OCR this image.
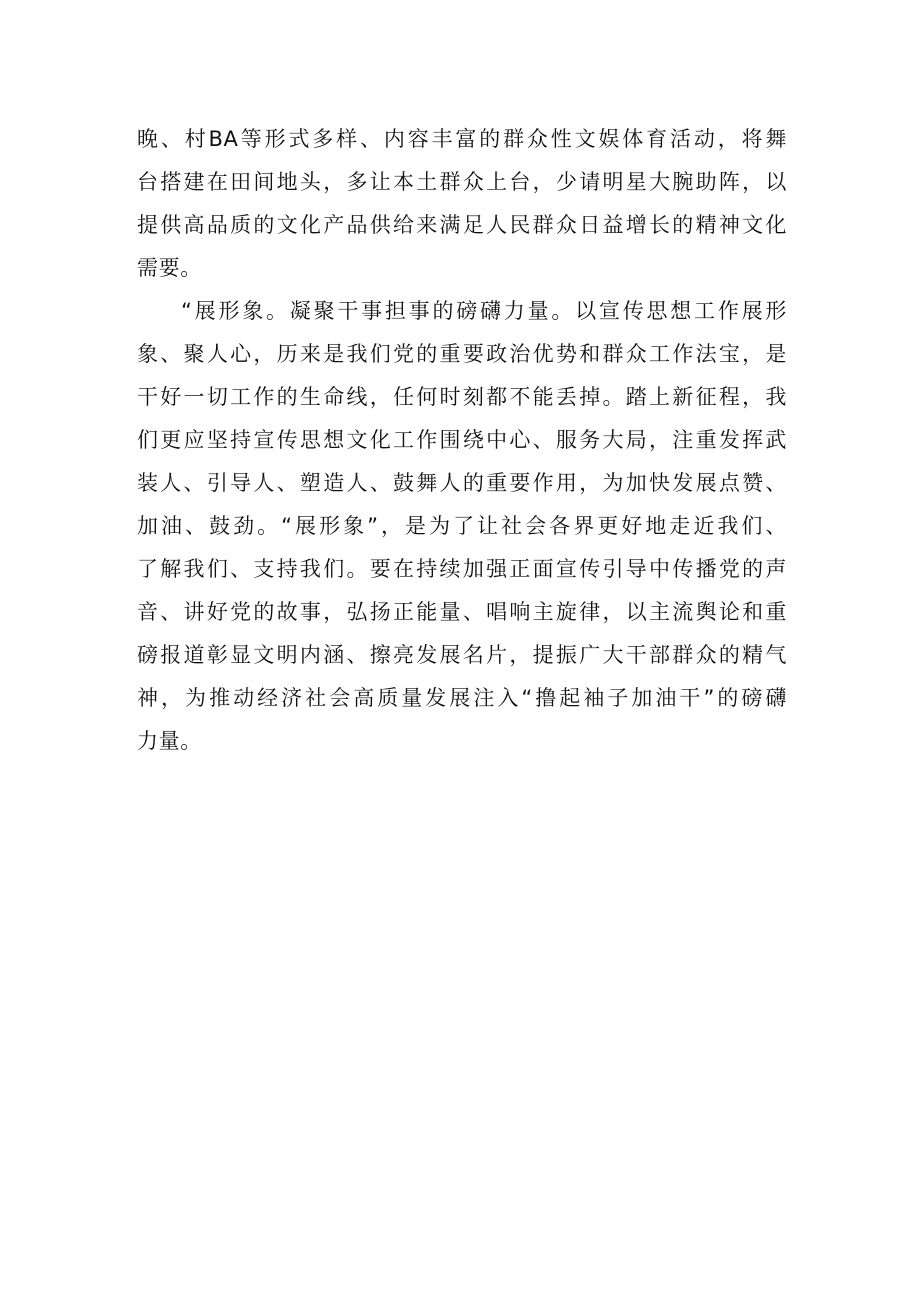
晚、村BA等形式多样、内容丰富的群众性文娱体育活动，将舞
台搭建在田间地头，多让本土群众上台，少请明星大腕助阵，以
提供高品质的文化产品供给来满足人民群众日益增长的精神文化
需要。
“展形象。凝聚干事担事的磅礴力量。以宣传思想工作展形
象、聚人心，历来是我们党的重要政治优势和群众工作法宝，是
干好一切工作的生命线，任何时刻都不能丢掉。踏上新征程，我
们更应坚持宣传思想文化工作围绕中心、服务大局，注重发挥武
装人、引导人、塑造人、鼓舞人的重要作用，为加快发展点赞、
加油、鼓劲。“展形象”，是为了让社会各界更好地走近我们、
了解我们、支持我们。要在持续加强正面宣传引导中传播党的声
音、讲好党的故事，弘扬正能量、唱响主旋律，以主流舆论和重
磅报道彰显文明内涵、擦亮发展名片，提振广大干部群众的精气
神，为推动经济社会高质量发展注入“撸起袖子加油干”的磅礴
力量。
